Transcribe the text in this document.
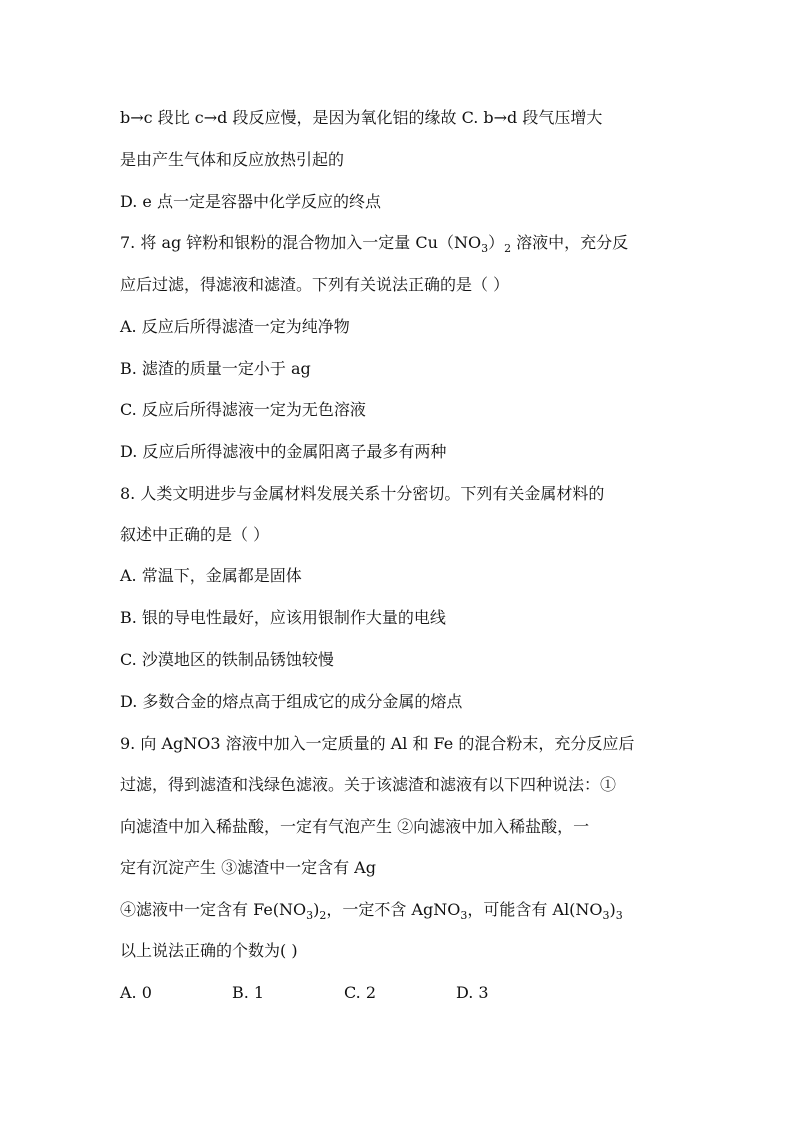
b→c 段比 c→d 段反应慢，是因为氧化铝的缘故 C. b→d 段气压增大
是由产生气体和反应放热引起的
D. e 点一定是容器中化学反应的终点
7. 将 ag 锌粉和银粉的混合物加入一定量 $Cu(NO_3)_2$ 溶液中，充分反
应后过滤，得滤液和滤渣。下列有关说法正确的是（ ）
A. 反应后所得滤渣一定为纯净物
B. 滤渣的质量一定小于 ag
C. 反应后所得滤液一定为无色溶液
D. 反应后所得滤液中的金属阳离子最多有两种
8. 人类文明进步与金属材料发展关系十分密切。下列有关金属材料的
叙述中正确的是（ ）
A. 常温下，金属都是固体
B. 银的导电性最好，应该用银制作大量的电线
C. 沙漠地区的铁制品锈蚀较慢
D. 多数合金的熔点高于组成它的成分金属的熔点
9. 向 AgNO3 溶液中加入一定质量的 Al 和 Fe 的混合粉末，充分反应后
过滤，得到滤渣和浅绿色滤液。关于该滤渣和滤液有以下四种说法：①
向滤渣中加入稀盐酸，一定有气泡产生 ②向滤液中加入稀盐酸，一
定有沉淀产生 ③滤渣中一定含有 Ag
④滤液中一定含有 $Fe(NO_3)_2$，一定不含 AgNO$_3$，可能含有 $Al(NO_3)_3$
以上说法正确的个数为( )
A. 0	B. 1	C. 2	D. 3
